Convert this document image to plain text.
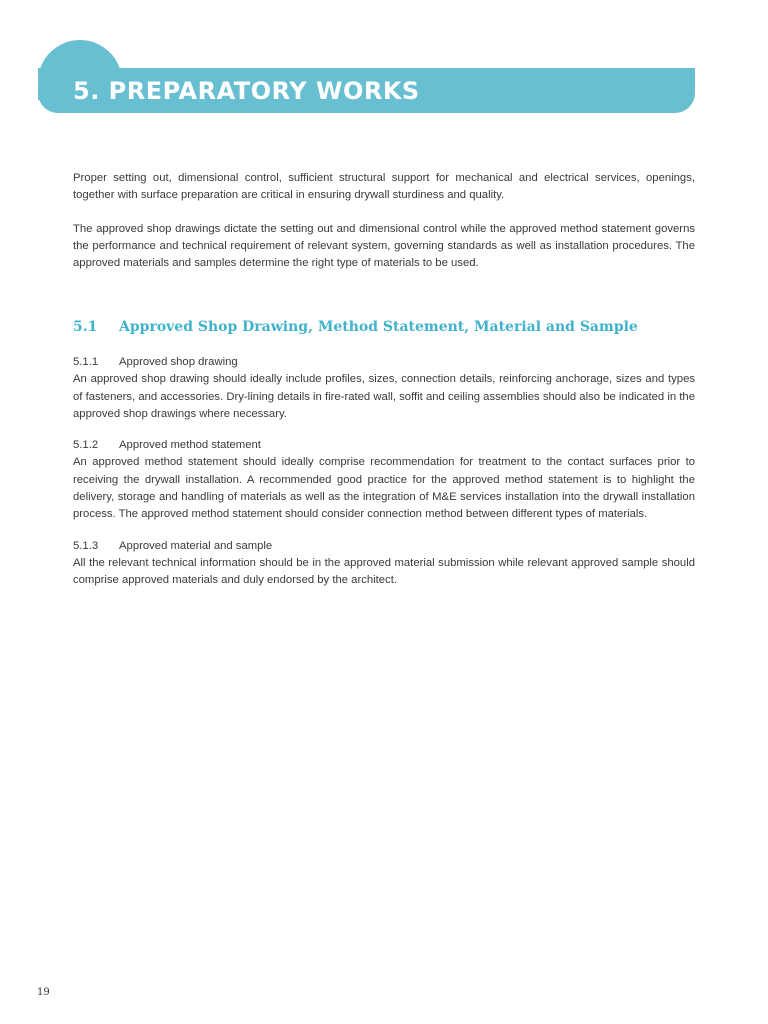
5. PREPARATORY WORKS

Proper setting out, dimensional control, sufficient structural support for mechanical and electrical services, openings, together with surface preparation are critical in ensuring drywall sturdiness and quality.

The approved shop drawings dictate the setting out and dimensional control while the approved method statement governs the performance and technical requirement of relevant system, governing standards as well as installation procedures. The approved materials and samples determine the right type of materials to be used.

5.1 Approved Shop Drawing, Method Statement, Material and Sample

5.1.1 Approved shop drawing

An approved shop drawing should ideally include profiles, sizes, connection details, reinforcing anchorage, sizes and types of fasteners, and accessories. Dry-lining details in fire-rated wall, soffit and ceiling assemblies should also be indicated in the approved shop drawings where necessary.

5.1.2 Approved method statement

An approved method statement should ideally comprise recommendation for treatment to the contact surfaces prior to receiving the drywall installation. A recommended good practice for the approved method statement is to highlight the delivery, storage and handling of materials as well as the integration of M&E services installation into the drywall installation process. The approved method statement should consider connection method between different types of materials.

5.1.3 Approved material and sample

All the relevant technical information should be in the approved material submission while relevant approved sample should comprise approved materials and duly endorsed by the architect.

19
